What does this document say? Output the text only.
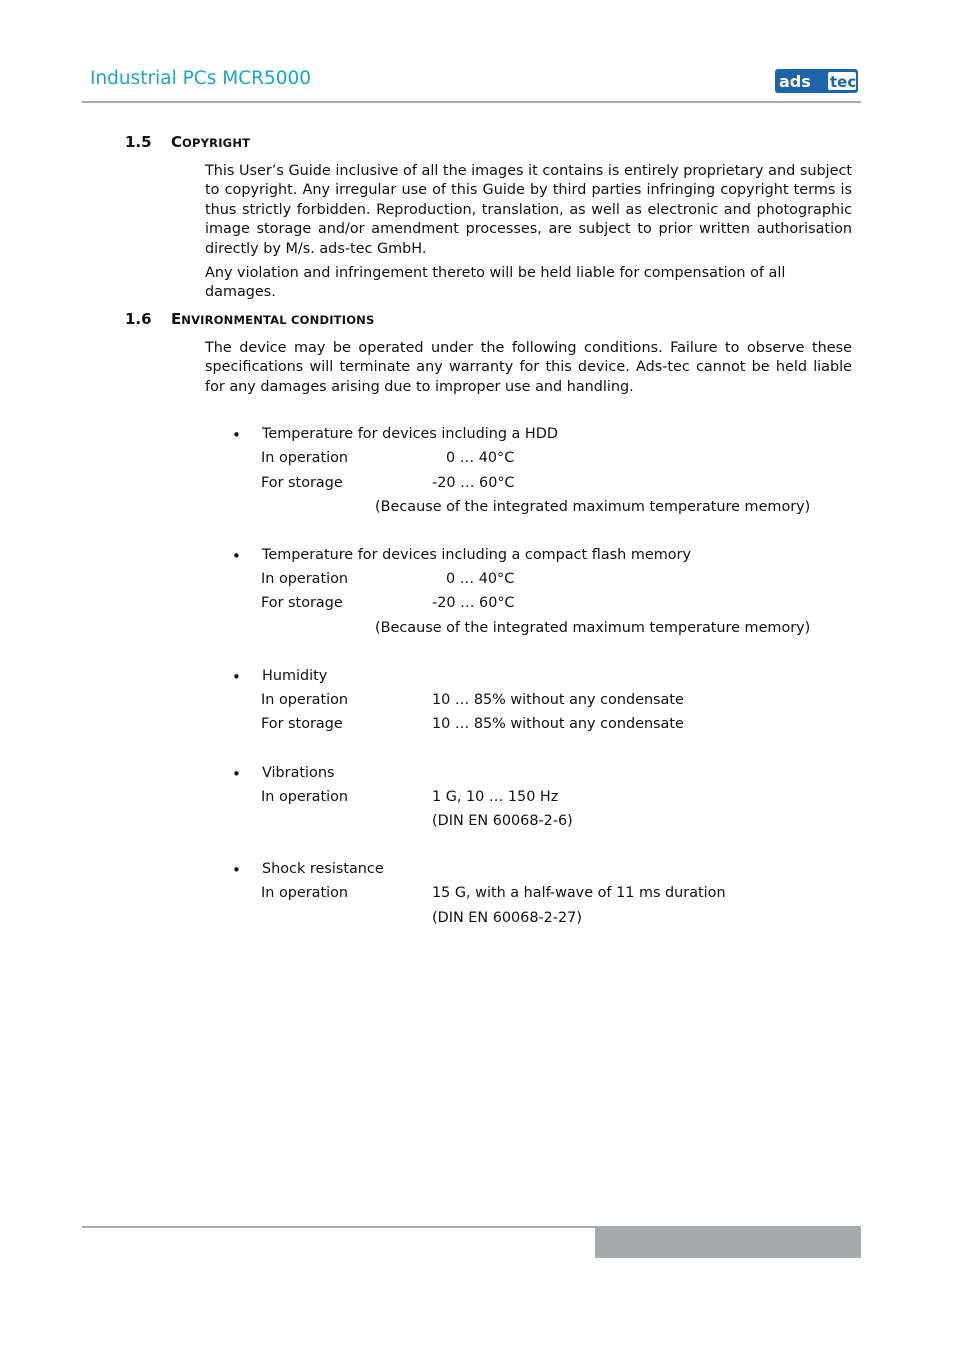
Industrial PCs MCR5000	ads tec
1.5 COPYRIGHT
This User’s Guide inclusive of all the images it contains is entirely proprietary and subject to copyright. Any irregular use of this Guide by third parties infringing copyright terms is thus strictly forbidden. Reproduction, translation, as well as electronic and photographic image storage and/or amendment processes, are subject to prior written authorisation directly by M/s. ads-tec GmbH.
Any violation and infringement thereto will be held liable for compensation of all damages.
1.6 ENVIRONMENTAL CONDITIONS
The device may be operated under the following conditions. Failure to observe these specifications will terminate any warranty for this device. Ads-tec cannot be held liable for any damages arising due to improper use and handling.
• Temperature for devices including a HDD
In operation	0 … 40°C
For storage	-20 … 60°C
(Because of the integrated maximum temperature memory)
• Temperature for devices including a compact flash memory
In operation	0 … 40°C
For storage	-20 … 60°C
(Because of the integrated maximum temperature memory)
• Humidity
In operation	10 … 85% without any condensate
For storage	10 … 85% without any condensate
• Vibrations
In operation	1 G, 10 … 150 Hz
(DIN EN 60068-2-6)
• Shock resistance
In operation	15 G, with a half-wave of 11 ms duration
(DIN EN 60068-2-27)
